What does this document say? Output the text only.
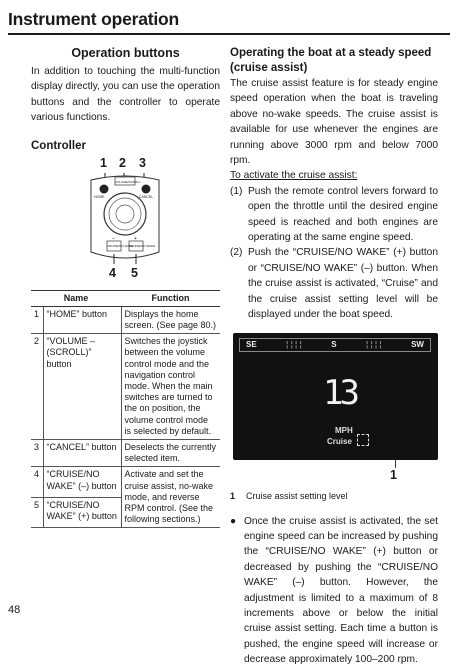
Instrument operation
Operation buttons

In addition to touching the multi-function display directly, you can use the operation buttons and the controller to operate various functions.

Controller
1 2 3
HOME
VOLUME/SCROLL
CANCEL
CRUISE/NO WAKE
CRUISE/NO WAKE
–	+
4 5
Name		Function
1	“HOME” button	Displays the home screen. (See page 80.)
2	“VOLUME – (SCROLL)” button	Switches the joystick between the volume control mode and the navigation control mode. When the main switches are turned to the on position, the volume control mode is selected by default.
3	“CANCEL” button	Deselects the currently selected item.
4	“CRUISE/NO WAKE” (–) button	Activate and set the cruise assist, no-wake mode, and reverse RPM control. (See the following sections.)
5	“CRUISE/NO WAKE” (+) button	
Operating the boat at a steady speed (cruise assist)

The cruise assist feature is for steady engine speed operation when the boat is traveling above no-wake speeds. The cruise assist is available for use whenever the engines are running above 3000 rpm and below 7000 rpm.

To activate the cruise assist:
(1) Push the remote control levers forward to open the throttle until the desired engine speed is reached and both engines are operating at the same engine speed.
(2) Push the “CRUISE/NO WAKE” (+) button or “CRUISE/NO WAKE” (–) button. When the cruise assist is activated, “Cruise” and the cruise assist setting level will be displayed under the boat speed.
SE	¦ ¦ ¦ ¦	S	¦ ¦ ¦ ¦	SW
13
MPH
Cruise
1
1	Cruise assist setting level
● Once the cruise assist is activated, the set engine speed can be increased by pushing the “CRUISE/NO WAKE” (+) button or decreased by pushing the “CRUISE/NO WAKE” (–) button. However, the adjustment is limited to a maximum of 8 increments above or below the initial cruise assist setting. Each time a button is pushed, the engine speed will increase or decrease approximately 100–200 rpm.
48
